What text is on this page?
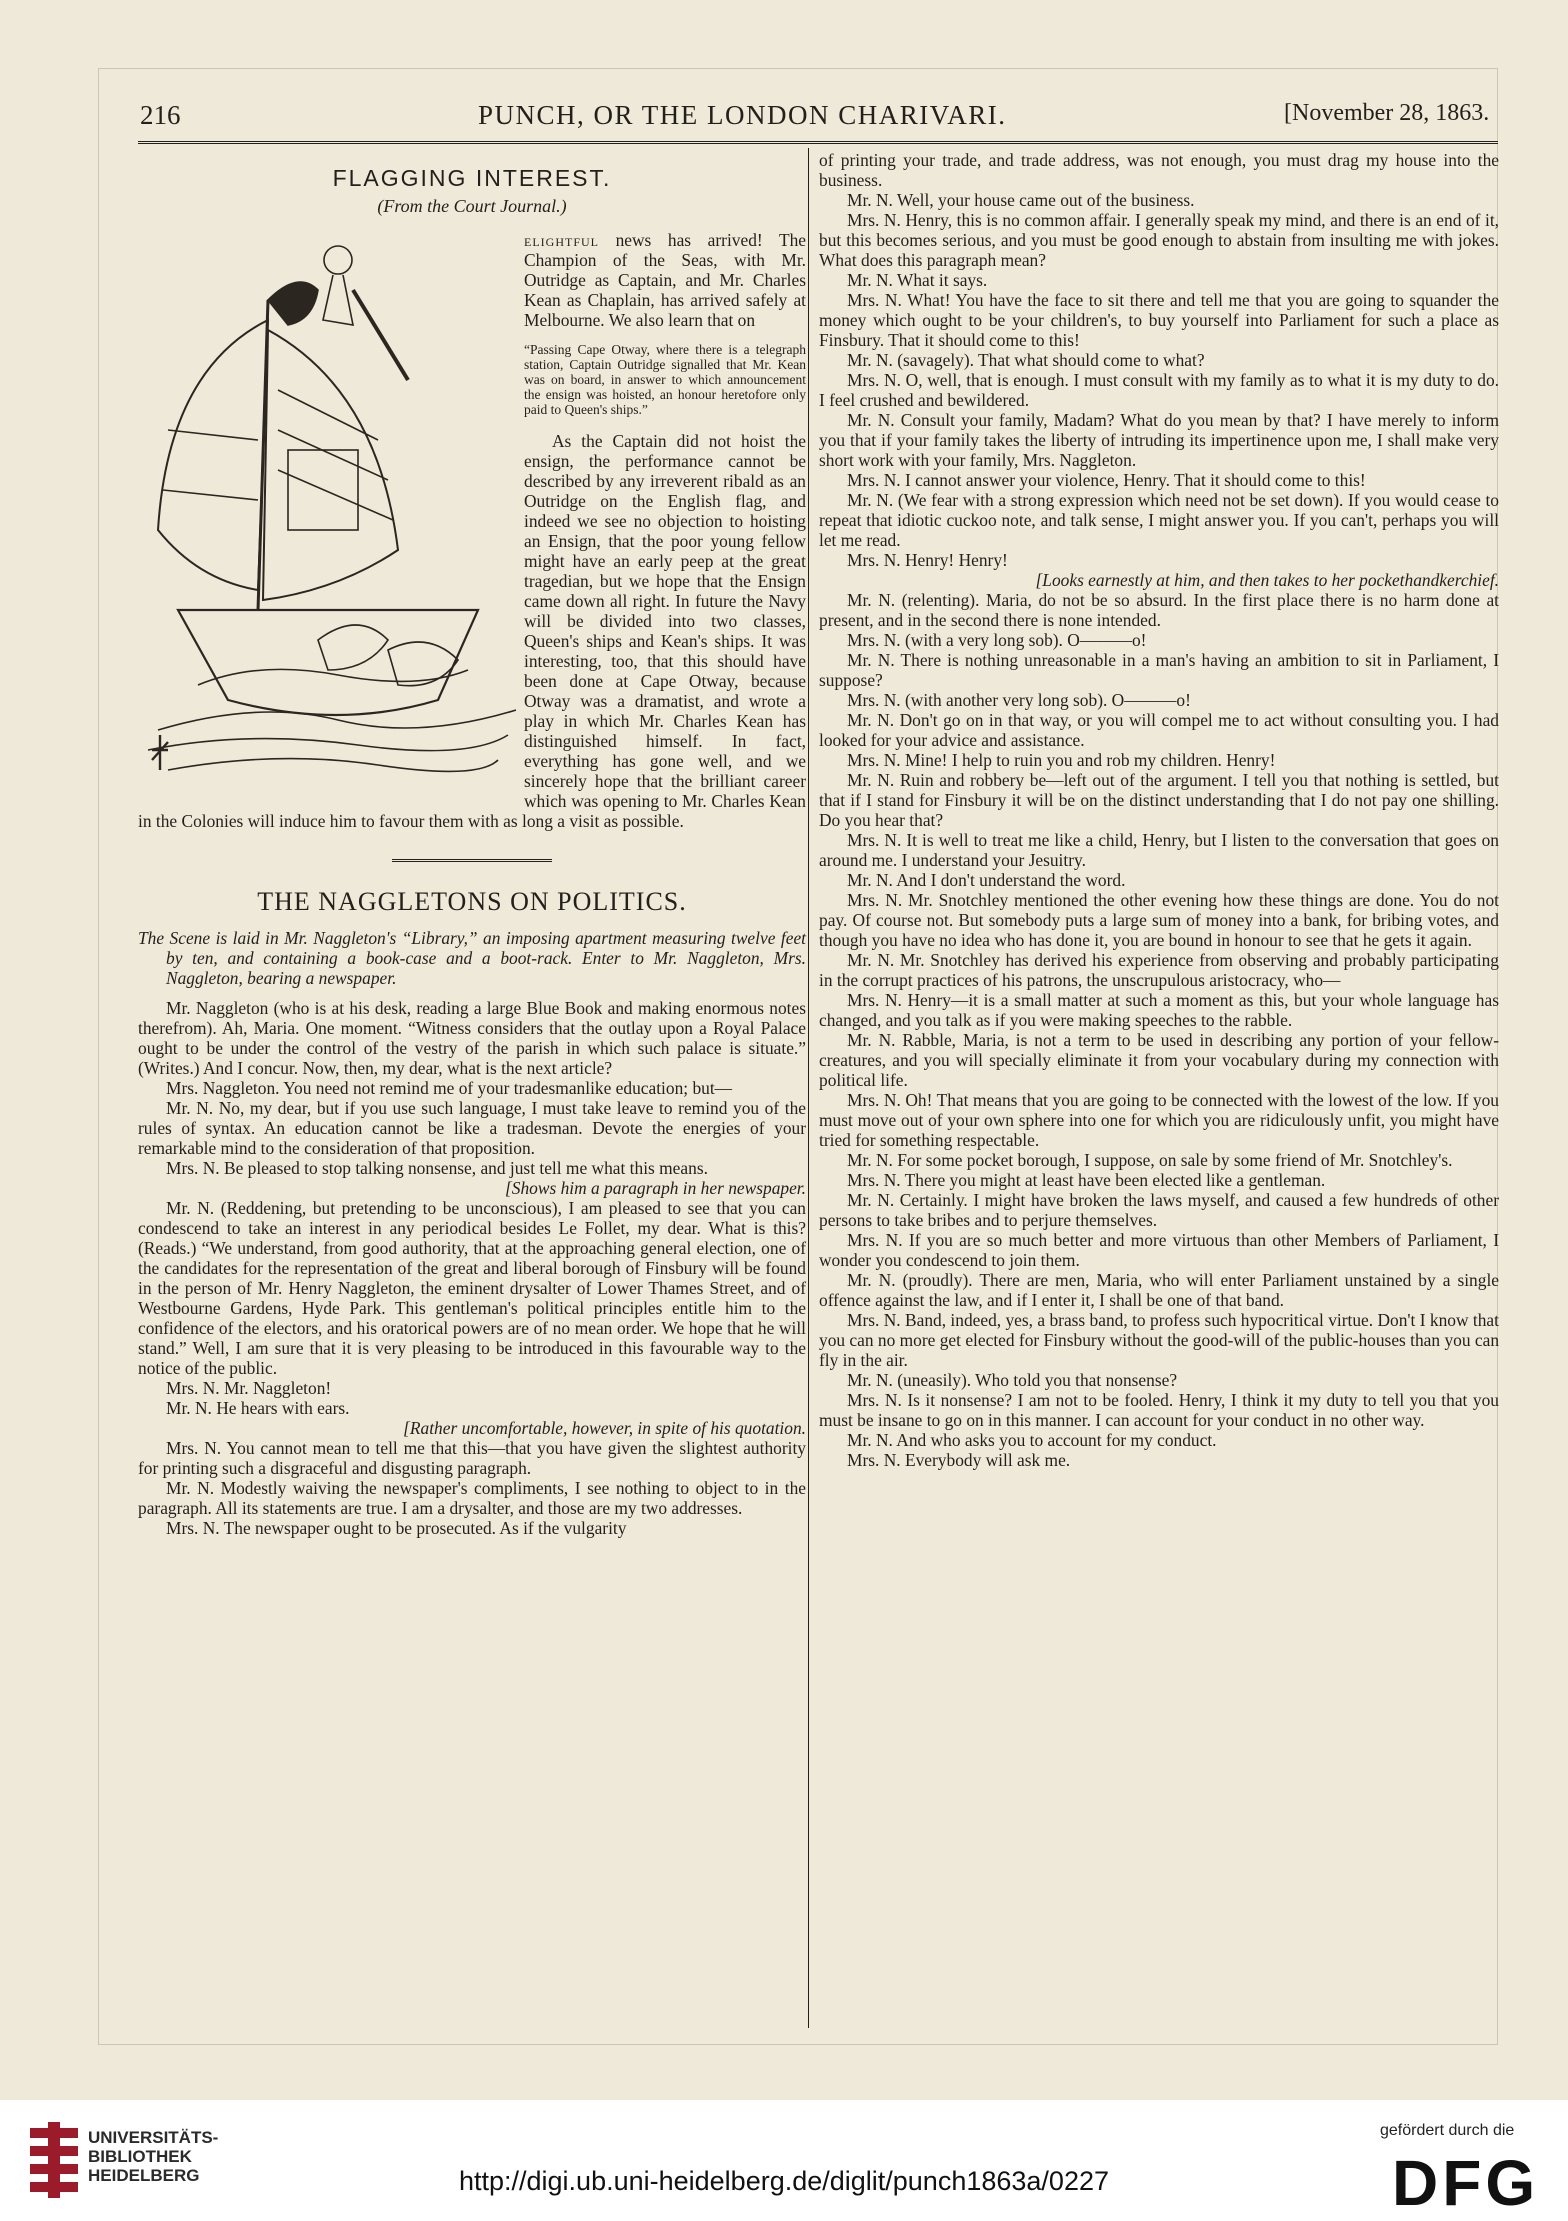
216	PUNCH, OR THE LONDON CHARIVARI.	[November 28, 1863.
FLAGGING INTEREST.
(From the Court Journal.)

elightful news has arrived! The Champion of the Seas, with Mr. Outridge as Captain, and Mr. Charles Kean as Chaplain, has arrived safely at Melbourne. We also learn that on

“Passing Cape Otway, where there is a telegraph station, Captain Outridge signalled that Mr. Kean was on board, in answer to which announcement the ensign was hoisted, an honour heretofore only paid to Queen's ships.”

As the Captain did not hoist the ensign, the performance cannot be described by any irreverent ribald as an Outridge on the English flag, and indeed we see no objection to hoisting an Ensign, that the poor young fellow might have an early peep at the great tragedian, but we hope that the Ensign came down all right. In future the Navy will be divided into two classes, Queen's ships and Kean's ships. It was interesting, too, that this should have been done at Cape Otway, because Otway was a dramatist, and wrote a play in which Mr. Charles Kean has distinguished himself. In fact, everything has gone well, and we sincerely hope that the brilliant career which was opening to Mr. Charles Kean in the Colonies will induce him to favour them with as long a visit as possible.

THE NAGGLETONS ON POLITICS.

The Scene is laid in Mr. Naggleton's “Library,” an imposing apartment measuring twelve feet by ten, and containing a book-case and a boot-rack. Enter to Mr. Naggleton, Mrs. Naggleton, bearing a newspaper.

Mr. Naggleton (who is at his desk, reading a large Blue Book and making enormous notes therefrom). Ah, Maria. One moment. “Witness considers that the outlay upon a Royal Palace ought to be under the control of the vestry of the parish in which such palace is situate.” (Writes.) And I concur. Now, then, my dear, what is the next article?

Mrs. Naggleton. You need not remind me of your tradesmanlike education; but—

Mr. N. No, my dear, but if you use such language, I must take leave to remind you of the rules of syntax. An education cannot be like a tradesman. Devote the energies of your remarkable mind to the consideration of that proposition.

Mrs. N. Be pleased to stop talking nonsense, and just tell me what this means.

[Shows him a paragraph in her newspaper.

Mr. N. (Reddening, but pretending to be unconscious), I am pleased to see that you can condescend to take an interest in any periodical besides Le Follet, my dear. What is this? (Reads.) “We understand, from good authority, that at the approaching general election, one of the candidates for the representation of the great and liberal borough of Finsbury will be found in the person of Mr. Henry Naggleton, the eminent drysalter of Lower Thames Street, and of Westbourne Gardens, Hyde Park. This gentleman's political principles entitle him to the confidence of the electors, and his oratorical powers are of no mean order. We hope that he will stand.” Well, I am sure that it is very pleasing to be introduced in this favourable way to the notice of the public.

Mrs. N. Mr. Naggleton!

Mr. N. He hears with ears.

[Rather uncomfortable, however, in spite of his quotation.

Mrs. N. You cannot mean to tell me that this—that you have given the slightest authority for printing such a disgraceful and disgusting paragraph.

Mr. N. Modestly waiving the newspaper's compliments, I see nothing to object to in the paragraph. All its statements are true. I am a drysalter, and those are my two addresses.

Mrs. N. The newspaper ought to be prosecuted. As if the vulgarity

of printing your trade, and trade address, was not enough, you must drag my house into the business.

Mr. N. Well, your house came out of the business.

Mrs. N. Henry, this is no common affair. I generally speak my mind, and there is an end of it, but this becomes serious, and you must be good enough to abstain from insulting me with jokes. What does this paragraph mean?

Mr. N. What it says.

Mrs. N. What! You have the face to sit there and tell me that you are going to squander the money which ought to be your children's, to buy yourself into Parliament for such a place as Finsbury. That it should come to this!

Mr. N. (savagely). That what should come to what?

Mrs. N. O, well, that is enough. I must consult with my family as to what it is my duty to do. I feel crushed and bewildered.

Mr. N. Consult your family, Madam? What do you mean by that? I have merely to inform you that if your family takes the liberty of intruding its impertinence upon me, I shall make very short work with your family, Mrs. Naggleton.

Mrs. N. I cannot answer your violence, Henry. That it should come to this!

Mr. N. (We fear with a strong expression which need not be set down). If you would cease to repeat that idiotic cuckoo note, and talk sense, I might answer you. If you can't, perhaps you will let me read.

Mrs. N. Henry! Henry!

[Looks earnestly at him, and then takes to her pockethandkerchief.

Mr. N. (relenting). Maria, do not be so absurd. In the first place there is no harm done at present, and in the second there is none intended.

Mrs. N. (with a very long sob). O———o!

Mr. N. There is nothing unreasonable in a man's having an ambition to sit in Parliament, I suppose?

Mrs. N. (with another very long sob). O———o!

Mr. N. Don't go on in that way, or you will compel me to act without consulting you. I had looked for your advice and assistance.

Mrs. N. Mine! I help to ruin you and rob my children. Henry!

Mr. N. Ruin and robbery be—left out of the argument. I tell you that nothing is settled, but that if I stand for Finsbury it will be on the distinct understanding that I do not pay one shilling. Do you hear that?

Mrs. N. It is well to treat me like a child, Henry, but I listen to the conversation that goes on around me. I understand your Jesuitry.

Mr. N. And I don't understand the word.

Mrs. N. Mr. Snotchley mentioned the other evening how these things are done. You do not pay. Of course not. But somebody puts a large sum of money into a bank, for bribing votes, and though you have no idea who has done it, you are bound in honour to see that he gets it again.

Mr. N. Mr. Snotchley has derived his experience from observing and probably participating in the corrupt practices of his patrons, the unscrupulous aristocracy, who—

Mrs. N. Henry—it is a small matter at such a moment as this, but your whole language has changed, and you talk as if you were making speeches to the rabble.

Mr. N. Rabble, Maria, is not a term to be used in describing any portion of your fellow-creatures, and you will specially eliminate it from your vocabulary during my connection with political life.

Mrs. N. Oh! That means that you are going to be connected with the lowest of the low. If you must move out of your own sphere into one for which you are ridiculously unfit, you might have tried for something respectable.

Mr. N. For some pocket borough, I suppose, on sale by some friend of Mr. Snotchley's.

Mrs. N. There you might at least have been elected like a gentleman.

Mr. N. Certainly. I might have broken the laws myself, and caused a few hundreds of other persons to take bribes and to perjure themselves.

Mrs. N. If you are so much better and more virtuous than other Members of Parliament, I wonder you condescend to join them.

Mr. N. (proudly). There are men, Maria, who will enter Parliament unstained by a single offence against the law, and if I enter it, I shall be one of that band.

Mrs. N. Band, indeed, yes, a brass band, to profess such hypocritical virtue. Don't I know that you can no more get elected for Finsbury without the good-will of the public-houses than you can fly in the air.

Mr. N. (uneasily). Who told you that nonsense?

Mrs. N. Is it nonsense? I am not to be fooled. Henry, I think it my duty to tell you that you must be insane to go on in this manner. I can account for your conduct in no other way.

Mr. N. And who asks you to account for my conduct.

Mrs. N. Everybody will ask me.

UNIVERSITÄTS-
BIBLIOTHEK
HEIDELBERG	http://digi.ub.uni-heidelberg.de/diglit/punch1863a/0227
gefördert durch die
DFG
